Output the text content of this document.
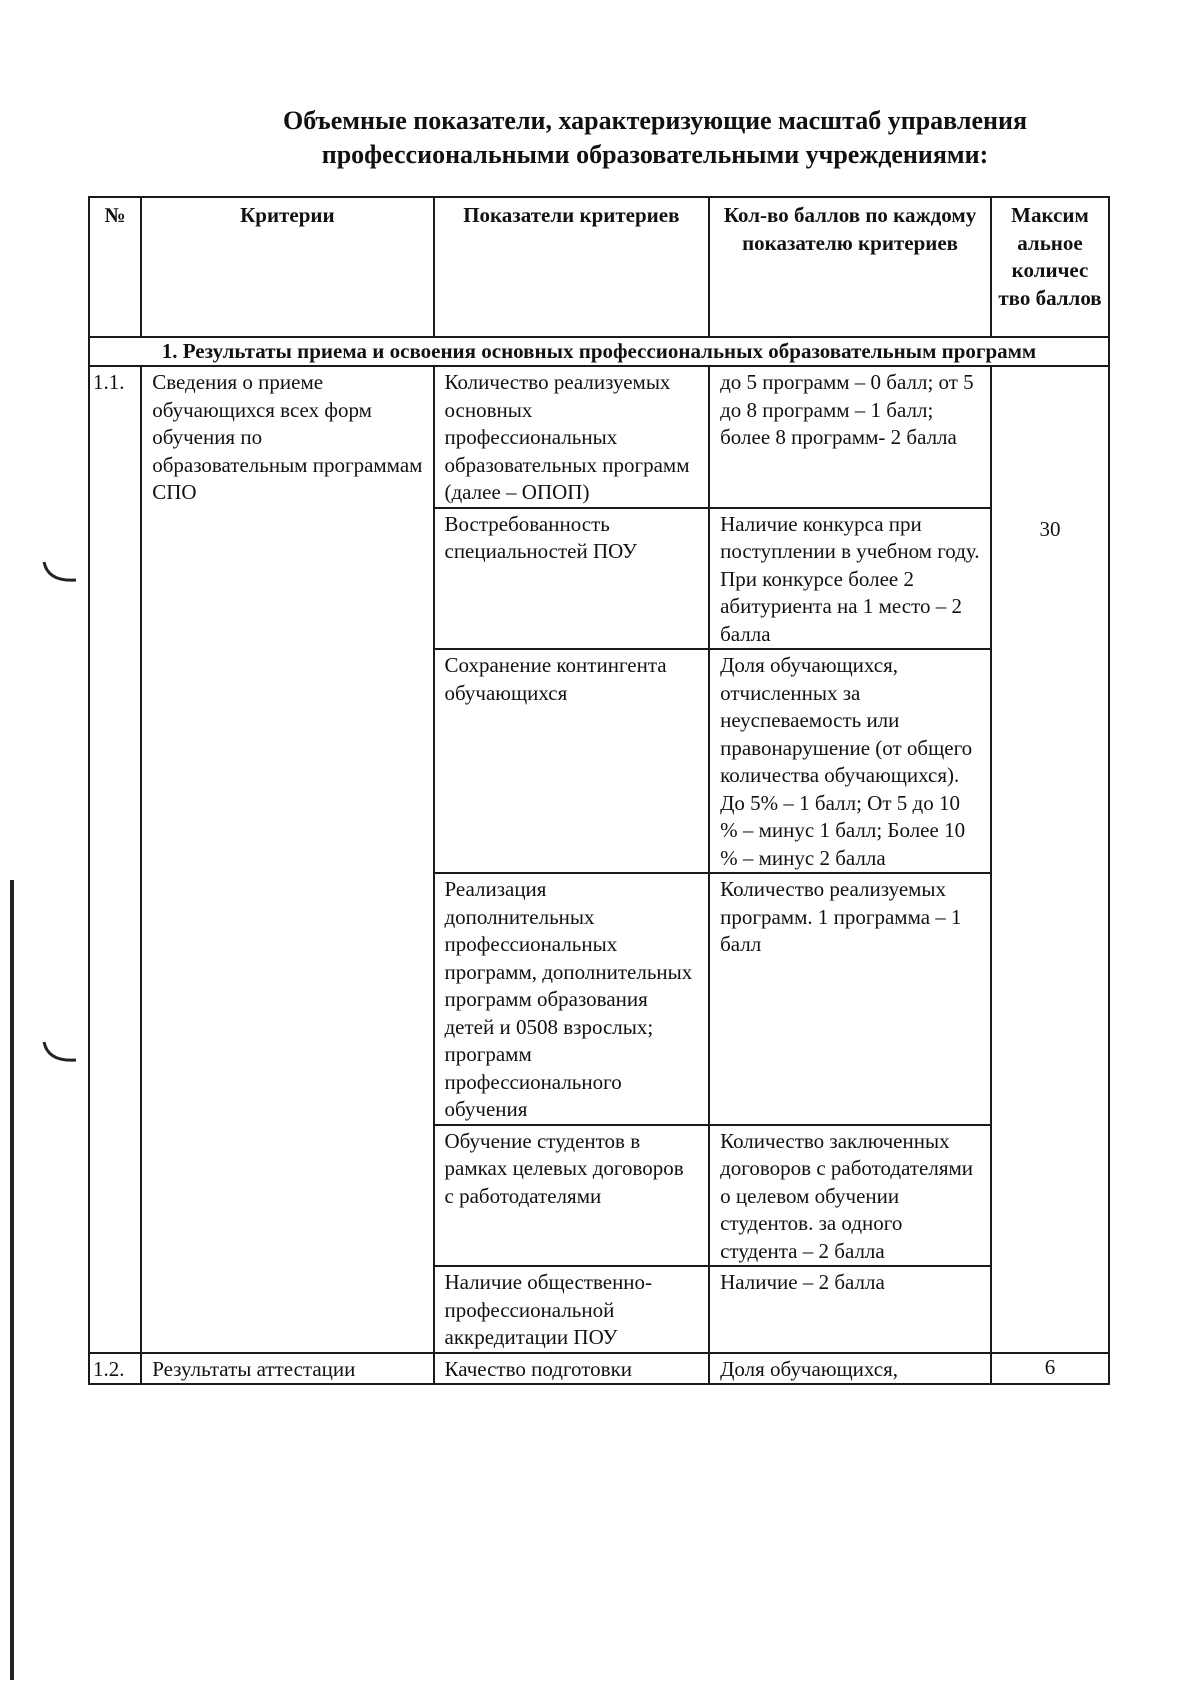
Объемные показатели, характеризующие масштаб управления
профессиональными образовательными учреждениями:
№	Критерии	Показатели критериев	Кол-во баллов по каждому показателю критериев	Максим альное количес тво баллов
1. Результаты приема и освоения основных профессиональных образовательным программ				
1.1.	Сведения о приеме обучающихся всех форм обучения по образовательным программам СПО	Количество реализуемых основных профессиональных образовательных программ (далее – ОПОП)	до 5 программ – 0 балл; от 5 до 8 программ – 1 балл; более 8 программ- 2 балла	30

		Востребованность специальностей ПОУ	Наличие конкурса при поступлении в учебном году. При конкурсе более 2 абитуриента на 1 место – 2 балла	
		Сохранение контингента обучающихся	Доля обучающихся, отчисленных за неуспеваемость или правонарушение (от общего количества обучающихся). До 5% – 1 балл; От 5 до 10 % – минус 1 балл; Более 10 % – минус 2 балла	
		Реализация дополнительных профессиональных программ, дополнительных программ образования детей и 0508 взрослых; программ профессионального обучения	Количество реализуемых программ. 1 программа – 1 балл	
		Обучение студентов в рамках целевых договоров с работодателями	Количество заключенных договоров с работодателями о целевом обучении студентов. за одного студента – 2 балла	
		Наличие общественно-профессиональной аккредитации ПОУ	Наличие – 2 балла	
1.2.	Результаты аттестации	Качество подготовки	Доля обучающихся,	6
